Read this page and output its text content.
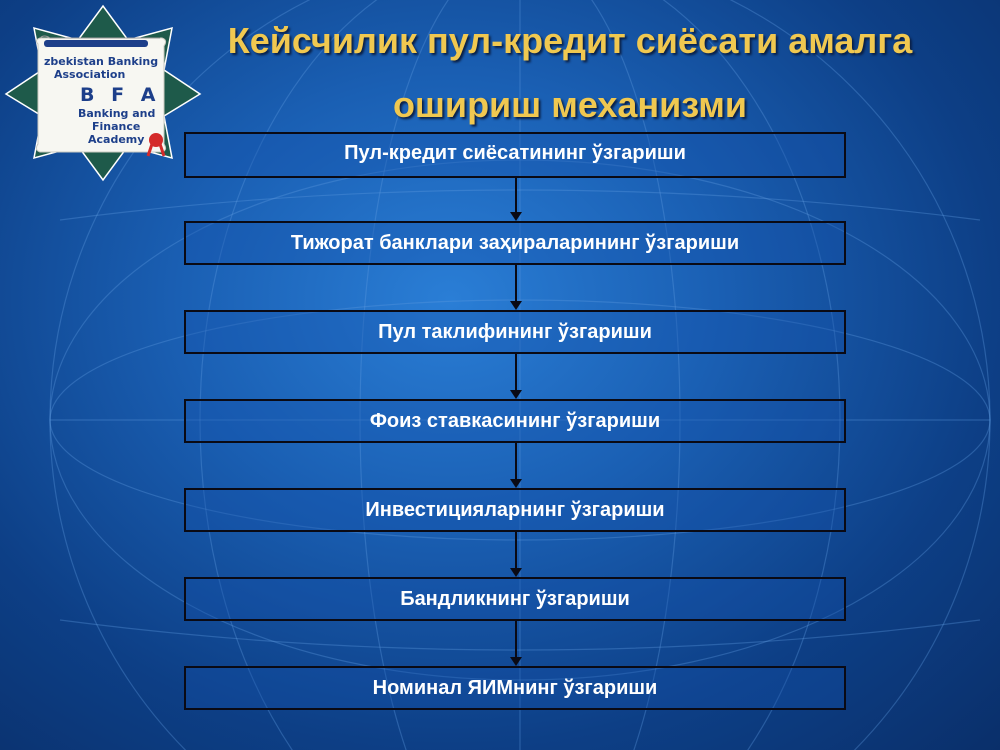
zbekistan Banking
Association
B F A
Banking and
Finance
Academy
Кейсчилик пул-кредит сиёсати амалга
ошириш механизми
Пул-кредит сиёсатининг ўзгариши
Тижорат банклари заҳираларининг ўзгариши
Пул таклифининг ўзгариши
Фоиз ставкасининг ўзгариши
Инвестицияларнинг ўзгариши
Бандликнинг ўзгариши
Номинал ЯИМнинг ўзгариши
